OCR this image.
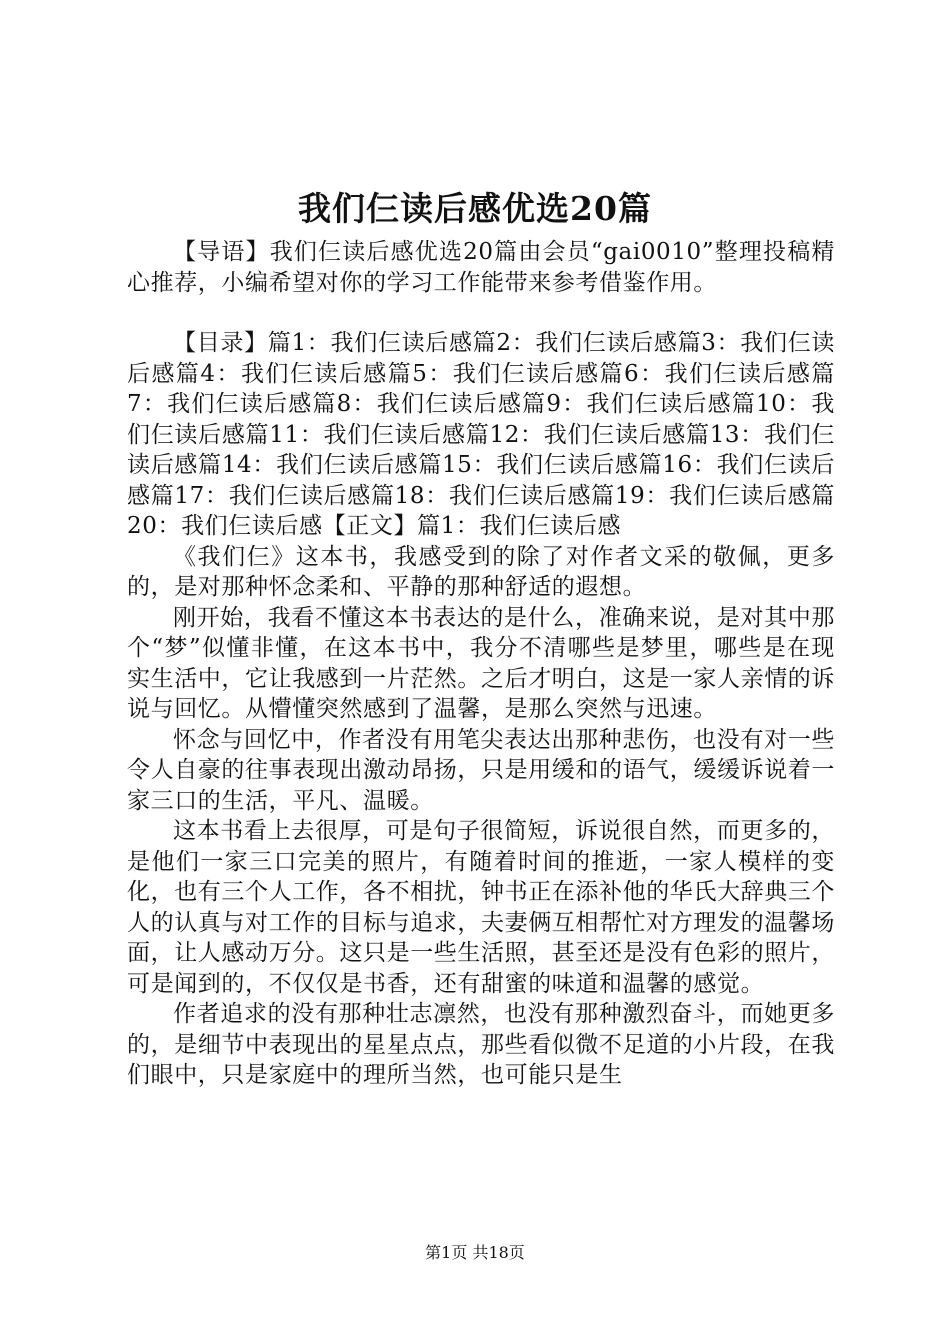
我们仨读后感优选20篇

【导语】我们仨读后感优选20篇由会员“gai0010”整理投稿精心推荐，小编希望对你的学习工作能带来参考借鉴作用。

【目录】篇1：我们仨读后感篇2：我们仨读后感篇3：我们仨读后感篇4：我们仨读后感篇5：我们仨读后感篇6：我们仨读后感篇7：我们仨读后感篇8：我们仨读后感篇9：我们仨读后感篇10：我们仨读后感篇11：我们仨读后感篇12：我们仨读后感篇13：我们仨读后感篇14：我们仨读后感篇15：我们仨读后感篇16：我们仨读后感篇17：我们仨读后感篇18：我们仨读后感篇19：我们仨读后感篇20：我们仨读后感【正文】篇1：我们仨读后感

《我们仨》这本书，我感受到的除了对作者文采的敬佩，更多的，是对那种怀念柔和、平静的那种舒适的遐想。

刚开始，我看不懂这本书表达的是什么，准确来说，是对其中那个“梦”似懂非懂，在这本书中，我分不清哪些是梦里，哪些是在现实生活中，它让我感到一片茫然。之后才明白，这是一家人亲情的诉说与回忆。从懵懂突然感到了温馨，是那么突然与迅速。

怀念与回忆中，作者没有用笔尖表达出那种悲伤，也没有对一些令人自豪的往事表现出激动昂扬，只是用缓和的语气，缓缓诉说着一家三口的生活，平凡、温暖。

这本书看上去很厚，可是句子很简短，诉说很自然，而更多的，是他们一家三口完美的照片，有随着时间的推逝，一家人模样的变化，也有三个人工作，各不相扰，钟书正在添补他的华氏大辞典三个人的认真与对工作的目标与追求，夫妻俩互相帮忙对方理发的温馨场面，让人感动万分。这只是一些生活照，甚至还是没有色彩的照片，可是闻到的，不仅仅是书香，还有甜蜜的味道和温馨的感觉。

作者追求的没有那种壮志凛然，也没有那种激烈奋斗，而她更多的，是细节中表现出的星星点点，那些看似微不足道的小片段，在我们眼中，只是家庭中的理所当然，也可能只是生

第1页 共18页
